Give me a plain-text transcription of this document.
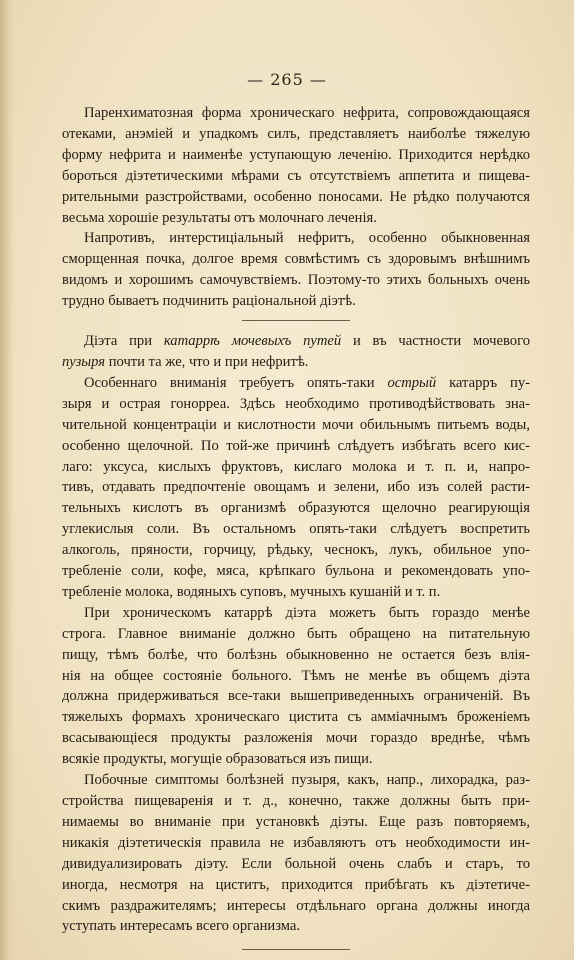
— 265 —

Паренхиматозная форма хроническаго нефрита, сопровождающаяся
отеками, анэміей и упадкомъ силъ, представляетъ наиболѣе тяжелую
форму нефрита и наименѣе уступающую леченію. Приходится нерѣдко
бороться діэтетическими мѣрами съ отсутствіемъ аппетита и пищева-
рительными разстройствами, особенно поносами. Не рѣдко получаются
весьма хорошіе результаты отъ молочнаго леченія.

Напротивъ, интерстиціальный нефритъ, особенно обыкновенная
сморщенная почка, долгое время совмѣстимъ съ здоровымъ внѣшнимъ
видомъ и хорошимъ самочувствіемъ. Поэтому-то этихъ больныхъ очень
трудно бываетъ подчинить раціональной діэтѣ.

Діэта при катаррѣ мочевыхъ путей и въ частности мочевого
пузыря почти та же, что и при нефритѣ.

Особеннаго вниманія требуетъ опять-таки острый катарръ пу-
зыря и острая гонорреа. Здѣсь необходимо противодѣйствовать зна-
чительной концентраціи и кислотности мочи обильнымъ питьемъ воды,
особенно щелочной. По той-же причинѣ слѣдуетъ избѣгать всего кис-
лаго: уксуса, кислыхъ фруктовъ, кислаго молока и т. п. и, напро-
тивъ, отдавать предпочтеніе овощамъ и зелени, ибо изъ солей расти-
тельныхъ кислотъ въ организмѣ образуются щелочно реагирующія
углекислыя соли. Въ остальномъ опять-таки слѣдуетъ воспретить
алкоголь, пряности, горчицу, рѣдьку, чеснокъ, лукъ, обильное упо-
требленіе соли, кофе, мяса, крѣпкаго бульона и рекомендовать упо-
требленіе молока, водяныхъ суповъ, мучныхъ кушаній и т. п.

При хроническомъ катаррѣ діэта можетъ быть гораздо менѣе
строга. Главное вниманіе должно быть обращено на питательную
пищу, тѣмъ болѣе, что болѣзнь обыкновенно не остается безъ влія-
нія на общее состояніе больного. Тѣмъ не менѣе въ общемъ діэта
должна придерживаться все-таки вышеприведенныхъ ограниченій. Въ
тяжелыхъ формахъ хроническаго цистита съ амміачнымъ броженіемъ
всасывающіеся продукты разложенія мочи гораздо вреднѣе, чѣмъ
всякіе продукты, могущіе образоваться изъ пищи.

Побочные симптомы болѣзней пузыря, какъ, напр., лихорадка, раз-
стройства пищеваренія и т. д., конечно, также должны быть при-
нимаемы во вниманіе при установкѣ діэты. Еще разъ повторяемъ,
никакія діэтетическія правила не избавляютъ отъ необходимости ин-
дивидуализировать діэту. Если больной очень слабъ и старъ, то
иногда, несмотря на циститъ, приходится прибѣгать къ діэтетиче-
скимъ раздражителямъ; интересы отдѣльнаго органа должны иногда
уступать интересамъ всего организма.
